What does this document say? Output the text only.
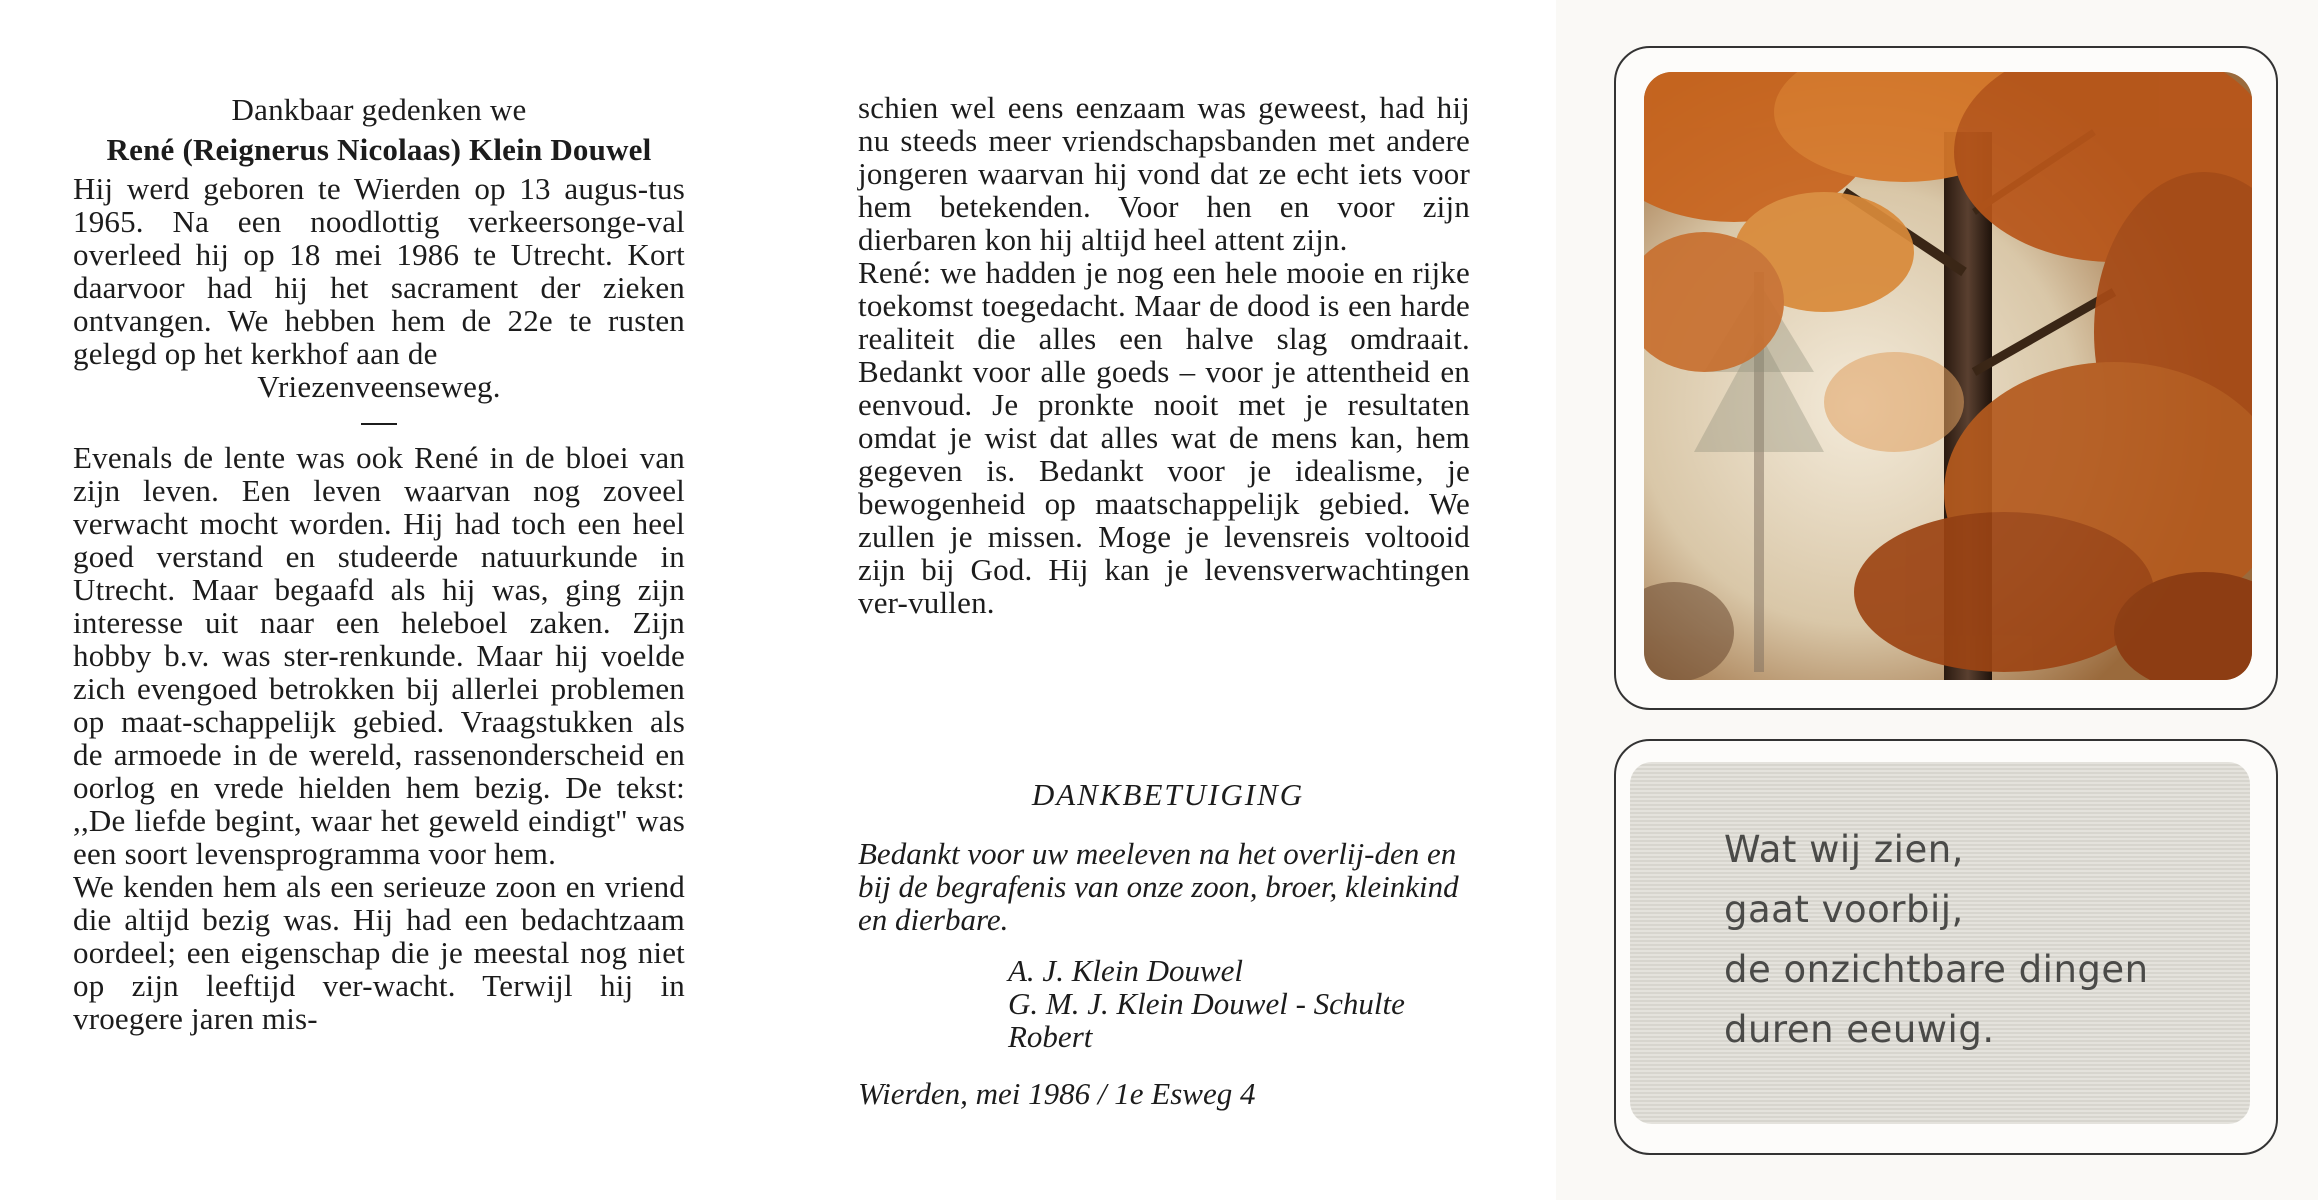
Dankbaar gedenken we
René (Reignerus Nicolaas) Klein Douwel

Hij werd geboren te Wierden op 13 augus-tus 1965. Na een noodlottig verkeersonge-val overleed hij op 18 mei 1986 te Utrecht. Kort daarvoor had hij het sacrament der zieken ontvangen. We hebben hem de 22e te rusten gelegd op het kerkhof aan de

Vriezenveenseweg.

Evenals de lente was ook René in de bloei van zijn leven. Een leven waarvan nog zoveel verwacht mocht worden. Hij had toch een heel goed verstand en studeerde natuurkunde in Utrecht. Maar begaafd als hij was, ging zijn interesse uit naar een heleboel zaken. Zijn hobby b.v. was ster-renkunde. Maar hij voelde zich evengoed betrokken bij allerlei problemen op maat-schappelijk gebied. Vraagstukken als de armoede in de wereld, rassenonderscheid en oorlog en vrede hielden hem bezig. De tekst: ,,De liefde begint, waar het geweld eindigt'' was een soort levensprogramma voor hem.

We kenden hem als een serieuze zoon en vriend die altijd bezig was. Hij had een bedachtzaam oordeel; een eigenschap die je meestal nog niet op zijn leeftijd ver-wacht. Terwijl hij in vroegere jaren mis-

schien wel eens eenzaam was geweest, had hij nu steeds meer vriendschapsbanden met andere jongeren waarvan hij vond dat ze echt iets voor hem betekenden. Voor hen en voor zijn dierbaren kon hij altijd heel attent zijn.

René: we hadden je nog een hele mooie en rijke toekomst toegedacht. Maar de dood is een harde realiteit die alles een halve slag omdraait. Bedankt voor alle goeds – voor je attentheid en eenvoud. Je pronkte nooit met je resultaten omdat je wist dat alles wat de mens kan, hem gegeven is. Bedankt voor je idealisme, je bewogenheid op maatschappelijk gebied. We zullen je missen. Moge je levensreis voltooid zijn bij God. Hij kan je levensverwachtingen ver-vullen.

DANKBETUIGING
Bedankt voor uw meeleven na het overlij-den en bij de begrafenis van onze zoon, broer, kleinkind en dierbare.
A. J. Klein Douwel
G. M. J. Klein Douwel - Schulte
Robert
Wierden, mei 1986 / 1e Esweg 4
Wat wij zien,
gaat voorbij,
de onzichtbare dingen
duren eeuwig.
